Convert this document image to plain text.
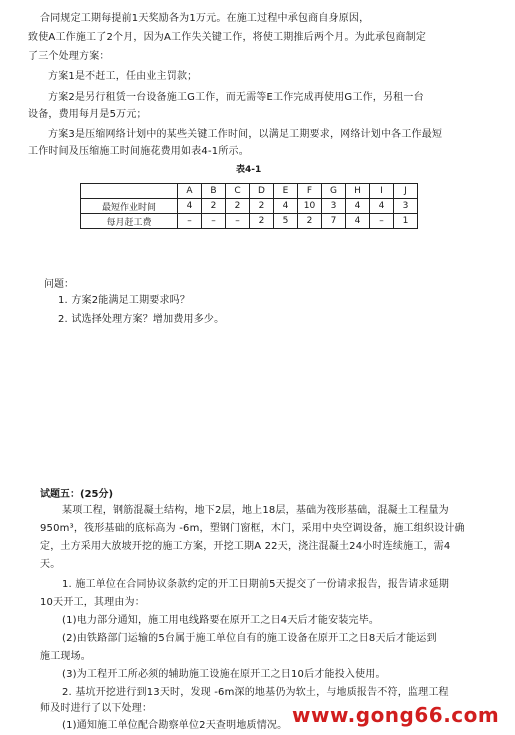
合同规定工期每提前1天奖励各为1万元。在施工过程中承包商自身原因，
致使A工作施工了2个月，因为A工作失关键工作，将使工期推后两个月。为此承包商制定
了三个处理方案：
方案1是不赶工，任由业主罚款；
方案2是另行租赁一台设备施工G工作，而无需等E工作完成再使用G工作，另租一台
设备，费用每月是5万元；
方案3是压缩网络计划中的某些关键工作时间，以满足工期要求，网络计划中各工作最短
工作时间及压缩施工时间施花费用如表4-1所示。
表4-1
	A	B	C	D	E	F	G	H	I	J
最短作业时间	4	2	2	2	4	10	3	4	4	3
每月赶工费	–	–	–	2	5	2	7	4	–	1
问题：
1. 方案2能满足工期要求吗？
2. 试选择处理方案？增加费用多少。
试题五：(25分)
某项工程，钢筋混凝土结构，地下2层，地上18层，基础为筏形基础，混凝土工程量为
950m³，筏形基础的底标高为 -6m，塑钢门窗框，木门，采用中央空调设备，施工组织设计确
定，土方采用大放坡开挖的施工方案，开挖工期A 22天，浇注混凝土24小时连续施工，需4
天。
1. 施工单位在合同协议条款约定的开工日期前5天提交了一份请求报告，报告请求延期
10天开工，其理由为：
(1)电力部分通知，施工用电线路要在原开工之日4天后才能安装完毕。
(2)由铁路部门运输的5台属于施工单位自有的施工设备在原开工之日8天后才能运到
施工现场。
(3)为工程开工所必须的辅助施工设施在原开工之日10后才能投入使用。
2. 基坑开挖进行到13天时，发现 -6m深的地基仍为软土，与地质报告不符，监理工程
师及时进行了以下处理：
(1)通知施工单位配合勘察单位2天查明地质情况。 www.gong66.com
